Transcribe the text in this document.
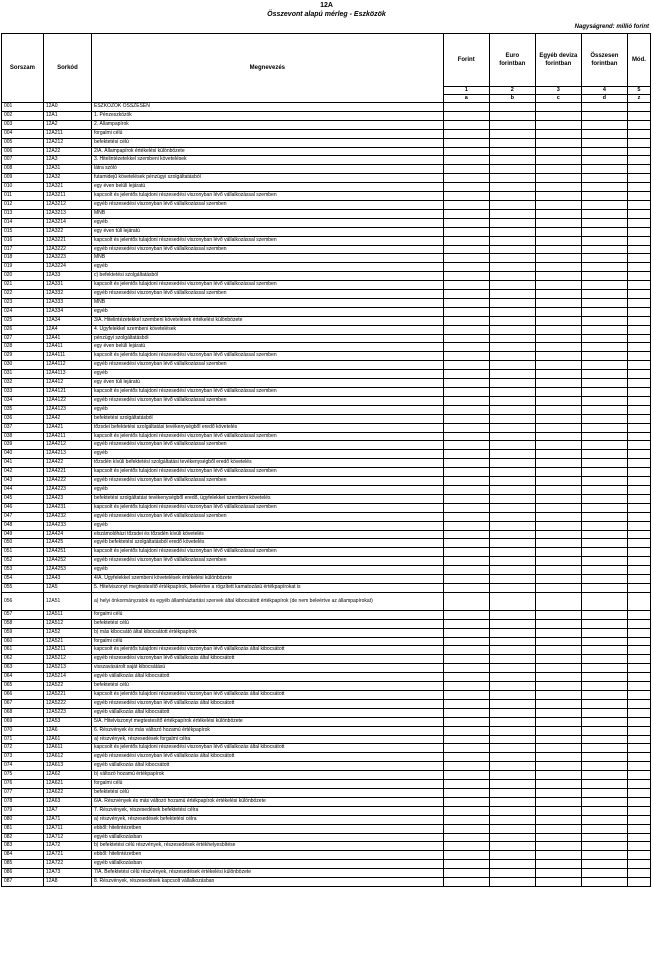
12A
Összevont alapú mérleg - Eszközök
Nagyságrend: millió forint
Sorszam	Sorkód	Megnevezés	Forint	Euro forintban	Egyéb deviza forintban	Összesen forintban	Mód.
			1	2	3	4	5
			a	b	c	d	z
001	12A0	ESZKÖZÖK ÖSSZESEN					
002	12A1	1. Pénzeszközök					
003	12A2	2. Állampapírok					
004	12A211	forgalmi célú					
005	12A212	befektetési célú					
006	12A22	2/A. Állampapírok értékelési különbözete					
007	12A3	3. Hitelintézetekkel szembeni követelések					
008	12A31	látra szóló					
009	12A32	futamidejű követelések pénzügyi szolgáltatásból					
010	12A321	egy éven belüli lejáratú					
011	12A3211	kapcsolt és jelentős tulajdoni részesedési viszonyban lévő vállalkozással szemben					
012	12A3212	egyéb részesedési viszonyban lévő vállalkozással szemben					
013	12A3213	MNB					
014	12A3214	egyéb					
015	12A322	egy éven túli lejáratú					
016	12A3221	kapcsolt és jelentős tulajdoni részesedési viszonyban lévő vállalkozással szemben					
017	12A3222	egyéb részesedési viszonyban lévő vállalkozással szemben					
018	12A3223	MNB					
019	12A3224	egyéb					
020	12A33	c) befektetési szolgáltatásból					
021	12A331	kapcsolt és jelentős tulajdoni részesedési viszonyban lévő vállalkozással szemben					
022	12A332	egyéb részesedési viszonyban lévő vállalkozással szemben					
023	12A333	MNB					
024	12A334	egyéb					
025	12A34	3/A. Hitelintézetekkel szembeni követelések értékelési különbözete					
026	12A4	4. Ügyfelekkel szembeni követelések					
027	12A41	pénzügyi szolgáltatásból					
028	12A411	egy éven belüli lejáratú					
029	12A4111	kapcsolt és jelentős tulajdoni részesedési viszonyban lévő vállalkozással szemben					
030	12A4112	egyéb részesedési viszonyban lévő vállalkozással szemben					
031	12A4113	egyéb					
032	12A412	egy éven túli lejáratú					
033	12A4121	kapcsolt és jelentős tulajdoni részesedési viszonyban lévő vállalkozással szemben					
034	12A4122	egyéb részesedési viszonyban lévő vállalkozással szemben					
035	12A4123	egyéb					
036	12A42	befektetési szolgáltatásból					
037	12A421	tőzsdei befektetési szolgáltatási tevékenységből eredő követelés					
038	12A4211	kapcsolt és jelentős tulajdoni részesedési viszonyban lévő vállalkozással szemben					
039	12A4212	egyéb részesedési viszonyban lévő vállalkozással szemben					
040	12A4213	egyéb					
041	12A422	tőzsdén kívüli befektetési szolgáltatási tevékenységből eredő követelés					
042	12A4221	kapcsolt és jelentős tulajdoni részesedési viszonyban lévő vállalkozással szemben					
043	12A4222	egyéb részesedési viszonyban lévő vállalkozással szemben					
044	12A4223	egyéb					
045	12A423	befektetési szolgáltatási tevékenységből eredő, ügyfelekkel szembeni követelés					
046	12A4231	kapcsolt és jelentős tulajdoni részesedési viszonyban lévő vállalkozással szemben					
047	12A4232	egyéb részesedési viszonyban lévő vállalkozással szemben					
048	12A4233	egyéb					
049	12A424	elszámolóházi tőzsdei és tőzsdén kívüli követelés					
050	12A425	egyéb befektetési szolgáltatásból eredő követelés					
051	12A4251	kapcsolt és jelentős tulajdoni részesedési viszonyban lévő vállalkozással szemben					
052	12A4252	egyéb részesedési viszonyban lévő vállalkozással szemben					
053	12A4253	egyéb					
054	12A43	4/A. Ügyfelekkel szembeni követelések értékelési különbözete					
055	12A5	5. Hitelviszonyt megtestesítő értékpapírok, beleértve a rögzített kamatozású értékpapírokat is					
056	12A51	a) helyi önkormányzatok és egyéb államháztartási szervek által kibocsátott értékpapírok (de nem beleértve az állampapírokat)					
057	12A511	forgalmi célú					
058	12A512	befektetési célú					
059	12A52	b) más kibocsátó által kibocsátott értékpapírok					
060	12A521	forgalmi célú					
061	12A5211	kapcsolt és jelentős tulajdoni részesedési viszonyban lévő vállalkozás által kibocsátott					
062	12A5212	egyéb részesedési viszonyban lévő vállalkozás által kibocsátott					
063	12A5213	visszavásárolt saját kibocsátású					
064	12A5214	egyéb vállalkozás által kibocsátott					
065	12A522	befektetési célú					
066	12A5221	kapcsolt és jelentős tulajdoni részesedési viszonyban lévő vállalkozás által kibocsátott					
067	12A5222	egyéb részesedési viszonyban lévő vállalkozás által kibocsátott					
068	12A5223	egyéb vállalkozás által kibocsátott					
069	12A53	5/A. Hitelviszonyt megtestesítő értékpapírok értékelési különbözete					
070	12A6	6. Részvények és más változó hozamú értékpapírok					
071	12A61	a) részvények, részesedések forgalmi célra					
072	12A611	kapcsolt és jelentős tulajdoni részesedési viszonyban lévő vállalkozás által kibocsátott					
073	12A612	egyéb részesedési viszonyban lévő vállalkozás által kibocsátott					
074	12A613	egyéb vállalkozás által kibocsátott					
075	12A62	b) változó hozamú értékpapírok					
076	12A621	forgalmi célú					
077	12A622	befektetési célú					
078	12A63	6/A. Részvények és más változó hozamú értékpapírok értékelési különbözete					
079	12A7	7. Részvények, részesedések befektetési célra					
080	12A71	a) részvények, részesedések befektetési célra					
081	12A711	ebből: hitelintézetben					
082	12A712	egyéb vállalkozásban					
083	12A72	b) befektetési célú részvények, részesedések értékhelyesbítése					
084	12A721	ebből: hitelintézetben					
085	12A722	egyéb vállalkozásban					
086	12A73	7/A. Befektetési célú részvények, részesedések értékelési különbözete					
087	12A8	8. Részvények, részesedések kapcsolt vállalkozásban					
